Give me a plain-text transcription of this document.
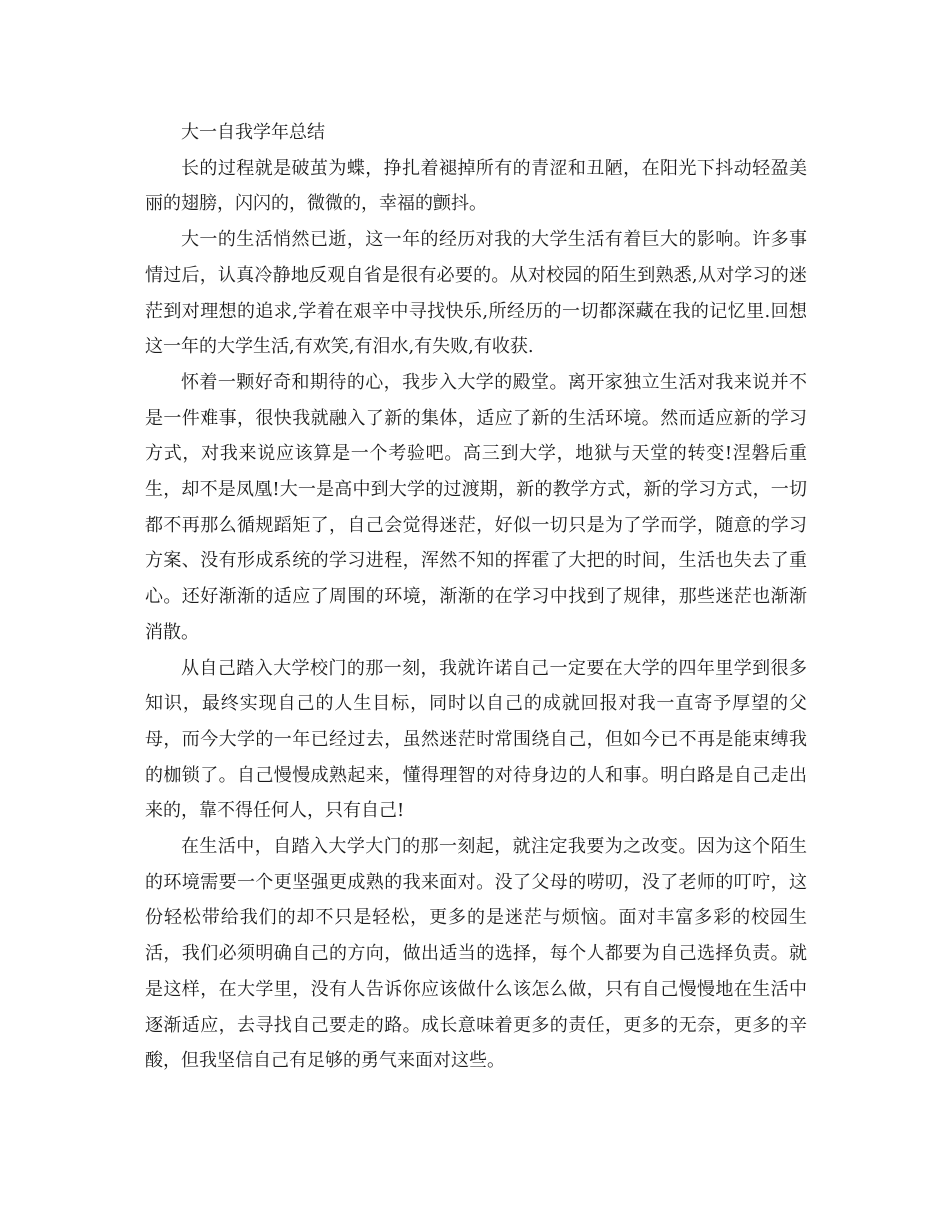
大一自我学年总结

长的过程就是破茧为蝶，挣扎着褪掉所有的青涩和丑陋，在阳光下抖动轻盈美丽的翅膀，闪闪的，微微的，幸福的颤抖。

大一的生活悄然已逝，这一年的经历对我的大学生活有着巨大的影响。许多事情过后，认真冷静地反观自省是很有必要的。从对校园的陌生到熟悉,从对学习的迷茫到对理想的追求,学着在艰辛中寻找快乐,所经历的一切都深藏在我的记忆里.回想这一年的大学生活,有欢笑,有泪水,有失败,有收获.

怀着一颗好奇和期待的心，我步入大学的殿堂。离开家独立生活对我来说并不是一件难事，很快我就融入了新的集体，适应了新的生活环境。然而适应新的学习方式，对我来说应该算是一个考验吧。高三到大学，地狱与天堂的转变!涅磐后重生，却不是凤凰!大一是高中到大学的过渡期，新的教学方式，新的学习方式，一切都不再那么循规蹈矩了，自己会觉得迷茫，好似一切只是为了学而学，随意的学习方案、没有形成系统的学习进程，浑然不知的挥霍了大把的时间，生活也失去了重心。还好渐渐的适应了周围的环境，渐渐的在学习中找到了规律，那些迷茫也渐渐消散。

从自己踏入大学校门的那一刻，我就许诺自己一定要在大学的四年里学到很多知识，最终实现自己的人生目标，同时以自己的成就回报对我一直寄予厚望的父母，而今大学的一年已经过去，虽然迷茫时常围绕自己，但如今已不再是能束缚我的枷锁了。自己慢慢成熟起来，懂得理智的对待身边的人和事。明白路是自己走出来的，靠不得任何人，只有自己!

在生活中，自踏入大学大门的那一刻起，就注定我要为之改变。因为这个陌生的环境需要一个更坚强更成熟的我来面对。没了父母的唠叨，没了老师的叮咛，这份轻松带给我们的却不只是轻松，更多的是迷茫与烦恼。面对丰富多彩的校园生活，我们必须明确自己的方向，做出适当的选择，每个人都要为自己选择负责。就是这样，在大学里，没有人告诉你应该做什么该怎么做，只有自己慢慢地在生活中逐渐适应，去寻找自己要走的路。成长意味着更多的责任，更多的无奈，更多的辛酸，但我坚信自己有足够的勇气来面对这些。
